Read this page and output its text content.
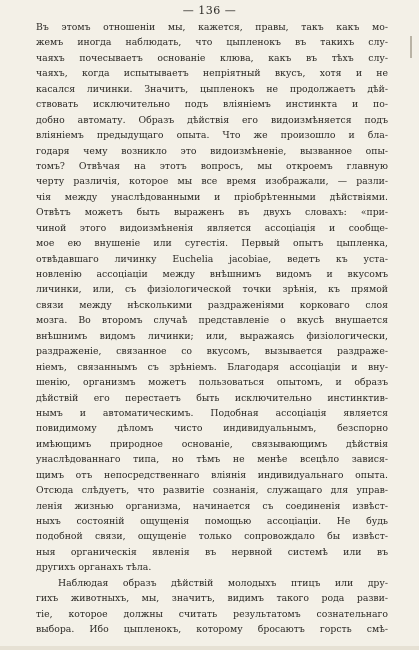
— 136 —
Въ этомъ отношеніи мы, кажется, правы, такъ какъ мо-
жемъ иногда наблюдать, что цыпленокъ въ такихъ слу-
чаяхъ почесываетъ основаніе клюва, какъ въ тѣхъ слу-
чаяхъ, когда испытываетъ непріятный вкусъ, хотя и не
касался личинки. Значитъ, цыпленокъ не продолжаетъ дѣй-
ствовать исключительно подъ вліяніемъ инстинкта и по-
добно автомату. Образъ дѣйствія его видоизмѣняется подъ
вліяніемъ предыдущаго опыта. Что же произошло и бла-
годаря чему возникло это видоизмѣненіе, вызванное опы-
томъ? Отвѣчая на этотъ вопросъ, мы откроемъ главную
черту различія, которое мы все время изображали, — разли-
чія между унаслѣдованными и пріобрѣтенными дѣйствіями.
Отвѣтъ можетъ быть выраженъ въ двухъ словахъ: «при-
чиной этого видоизмѣненія является ассоціація и сообще-
мое ею внушеніе или сугестія. Первый опытъ цыпленка,
отвѣдавшаго личинку Euchelia jacobiae, ведетъ къ уста-
новленію ассоціаціи между внѣшнимъ видомъ и вкусомъ
личинки, или, съ физіологической точки зрѣнія, къ прямой
связи между нѣсколькими раздраженіями корковаго слоя
мозга. Во второмъ случаѣ представленіе о вкусѣ внушается
внѣшнимъ видомъ личинки; или, выражаясь физіологически,
раздраженіе, связанное со вкусомъ, вызывается раздраже-
ніемъ, связаннымъ съ зрѣніемъ. Благодаря ассоціаціи и вну-
шенію, организмъ можетъ пользоваться опытомъ, и образъ
дѣйствій его перестаетъ быть исключительно инстинктив-
нымъ и автоматическимъ. Подобная ассоціація является
повидимому дѣломъ чисто индивидуальнымъ, безспорно
имѣющимъ природное основаніе, связывающимъ дѣйствія
унаслѣдованнаго типа, но тѣмъ не менѣе всецѣло завися-
щимъ отъ непосредственнаго вліянія индивидуальнаго опыта.
Отсюда слѣдуетъ, что развитіе сознанія, служащаго для управ-
ленія жизнью организма, начинается съ соединенія извѣст-
ныхъ состояній ощущенія помощью ассоціаціи. Не будь
подобной связи, ощущеніе только сопровождало бы извѣст-
ныя органическія явленія въ нервной системѣ или въ
другихъ органахъ тѣла.
Наблюдая образъ дѣйствій молодыхъ птицъ или дру-
гихъ животныхъ, мы, значитъ, видимъ такого рода разви-
тіе, которое должны считать результатомъ сознательнаго
выбора. Ибо цыпленокъ, которому бросаютъ горсть смѣ-
